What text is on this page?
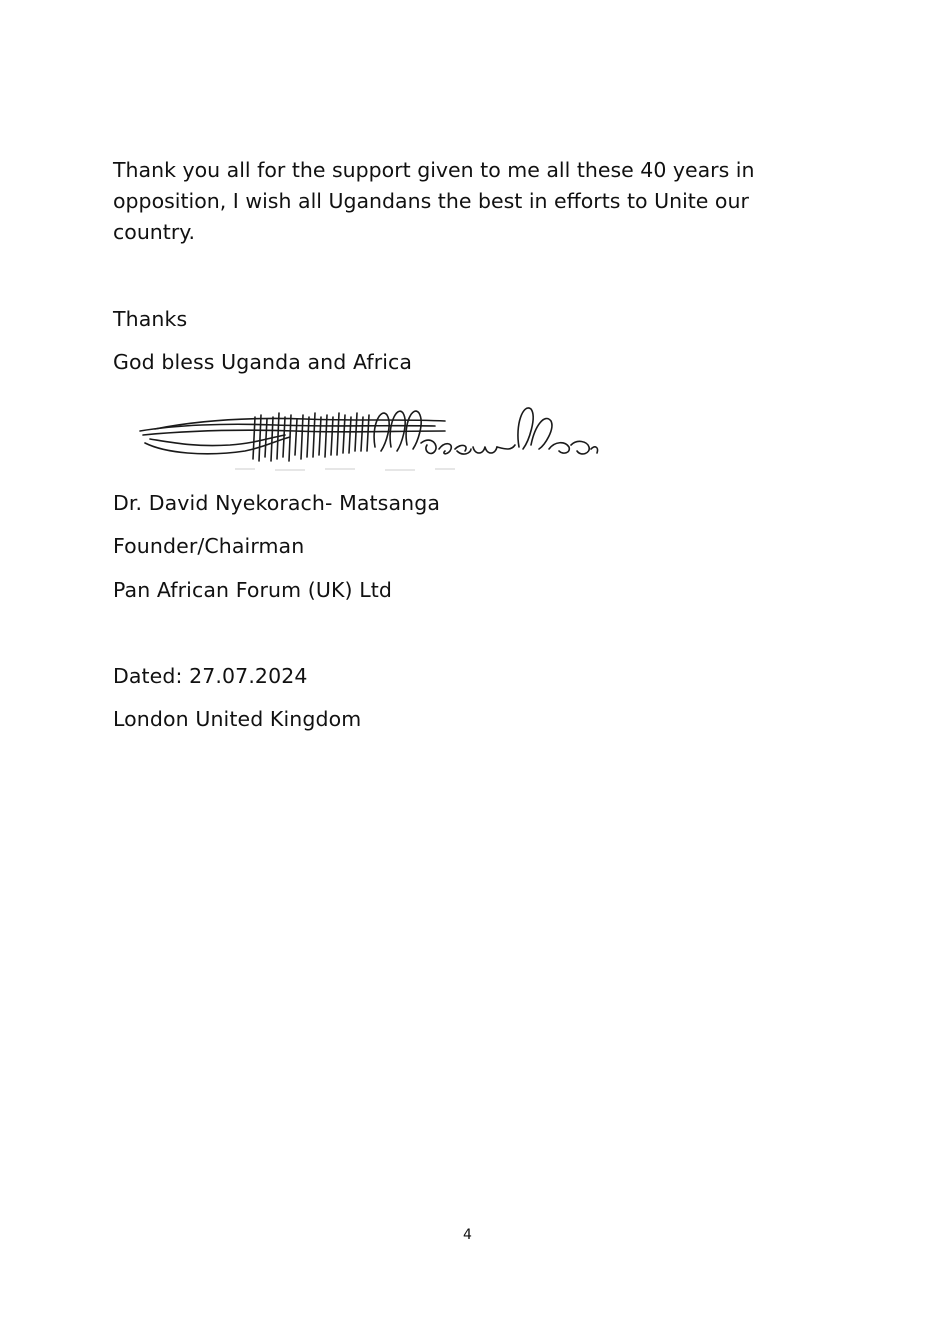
Thank you all for the support given to me all these 40 years in
opposition, I wish all Ugandans the best in efforts to Unite our
country.
Thanks
God bless Uganda and Africa
Dr. David Nyekorach- Matsanga
Founder/Chairman
Pan African Forum (UK) Ltd
Dated: 27.07.2024
London United Kingdom
4
